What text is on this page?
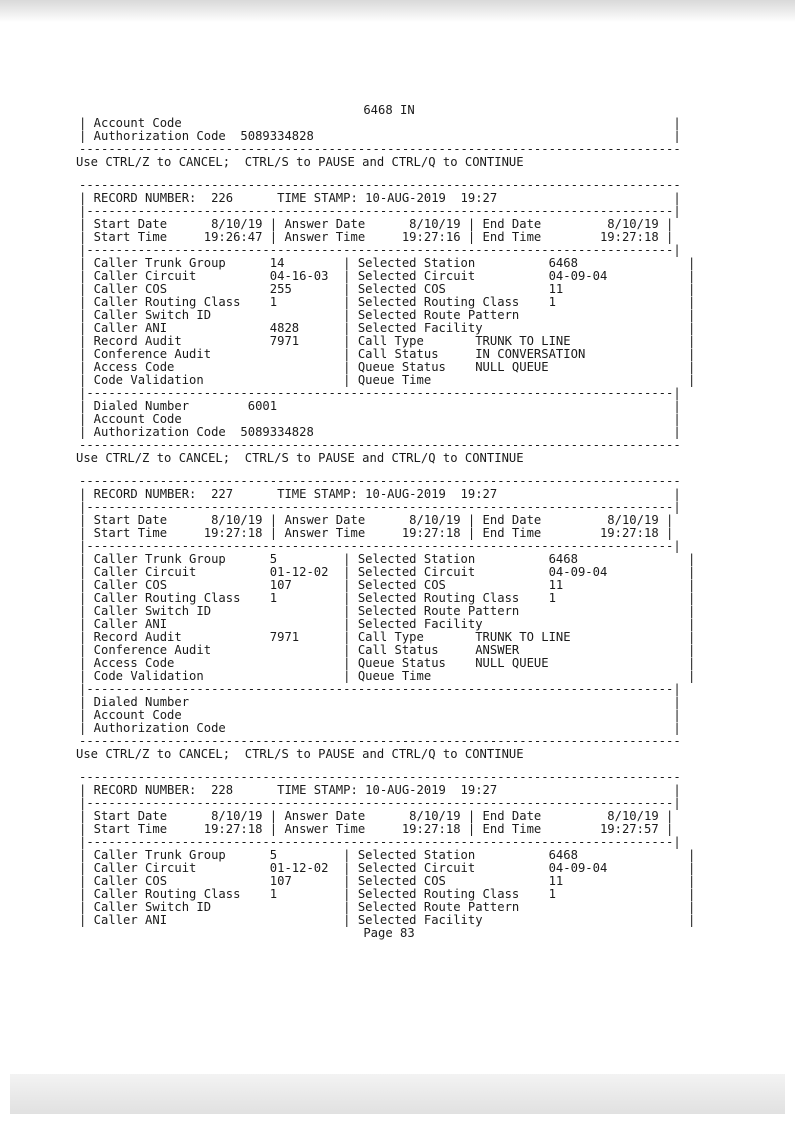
6468 IN
| Account Code                                                                   |
| Authorization Code  5089334828                                                 |
----------------------------------------------------------------------------------
Use CTRL/Z to CANCEL;  CTRL/S to PAUSE and CTRL/Q to CONTINUE
----------------------------------------------------------------------------------
| RECORD NUMBER:  226      TIME STAMP: 10-AUG-2019  19:27                        |
|--------------------------------------------------------------------------------|
| Start Date      8/10/19 | Answer Date      8/10/19 | End Date         8/10/19 |
| Start Time     19:26:47 | Answer Time     19:27:16 | End Time        19:27:18 |
|--------------------------------------------------------------------------------|
| Caller Trunk Group      14        | Selected Station          6468               |
| Caller Circuit          04-16-03  | Selected Circuit          04-09-04           |
| Caller COS              255       | Selected COS              11                 |
| Caller Routing Class    1         | Selected Routing Class    1                  |
| Caller Switch ID                  | Selected Route Pattern                       |
| Caller ANI              4828      | Selected Facility                            |
| Record Audit            7971      | Call Type       TRUNK TO LINE                |
| Conference Audit                  | Call Status     IN CONVERSATION              |
| Access Code                       | Queue Status    NULL QUEUE                   |
| Code Validation                   | Queue Time                                   |
|--------------------------------------------------------------------------------|
| Dialed Number        6001                                                      |
| Account Code                                                                   |
| Authorization Code  5089334828                                                 |
----------------------------------------------------------------------------------
Use CTRL/Z to CANCEL;  CTRL/S to PAUSE and CTRL/Q to CONTINUE
----------------------------------------------------------------------------------
| RECORD NUMBER:  227      TIME STAMP: 10-AUG-2019  19:27                        |
|--------------------------------------------------------------------------------|
| Start Date      8/10/19 | Answer Date      8/10/19 | End Date         8/10/19 |
| Start Time     19:27:18 | Answer Time     19:27:18 | End Time        19:27:18 |
|--------------------------------------------------------------------------------|
| Caller Trunk Group      5         | Selected Station          6468               |
| Caller Circuit          01-12-02  | Selected Circuit          04-09-04           |
| Caller COS              107       | Selected COS              11                 |
| Caller Routing Class    1         | Selected Routing Class    1                  |
| Caller Switch ID                  | Selected Route Pattern                       |
| Caller ANI                        | Selected Facility                            |
| Record Audit            7971      | Call Type       TRUNK TO LINE                |
| Conference Audit                  | Call Status     ANSWER                       |
| Access Code                       | Queue Status    NULL QUEUE                   |
| Code Validation                   | Queue Time                                   |
|--------------------------------------------------------------------------------|
| Dialed Number                                                                  |
| Account Code                                                                   |
| Authorization Code                                                             |
----------------------------------------------------------------------------------
Use CTRL/Z to CANCEL;  CTRL/S to PAUSE and CTRL/Q to CONTINUE
----------------------------------------------------------------------------------
| RECORD NUMBER:  228      TIME STAMP: 10-AUG-2019  19:27                        |
|--------------------------------------------------------------------------------|
| Start Date      8/10/19 | Answer Date      8/10/19 | End Date         8/10/19 |
| Start Time     19:27:18 | Answer Time     19:27:18 | End Time        19:27:57 |
|--------------------------------------------------------------------------------|
| Caller Trunk Group      5         | Selected Station          6468               |
| Caller Circuit          01-12-02  | Selected Circuit          04-09-04           |
| Caller COS              107       | Selected COS              11                 |
| Caller Routing Class    1         | Selected Routing Class    1                  |
| Caller Switch ID                  | Selected Route Pattern                       |
| Caller ANI                        | Selected Facility                            |
Page 83
